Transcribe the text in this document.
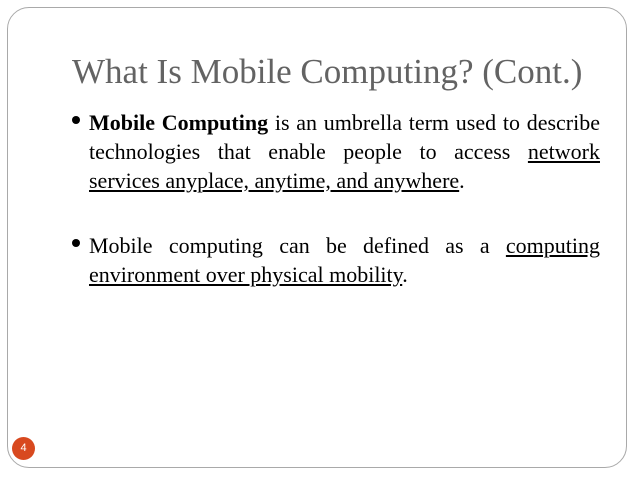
What Is Mobile Computing? (Cont.)
Mobile Computing is an umbrella term used to describe technologies that enable people to access network services anyplace, anytime, and anywhere.
Mobile computing can be defined as a computing environment over physical mobility.
4
